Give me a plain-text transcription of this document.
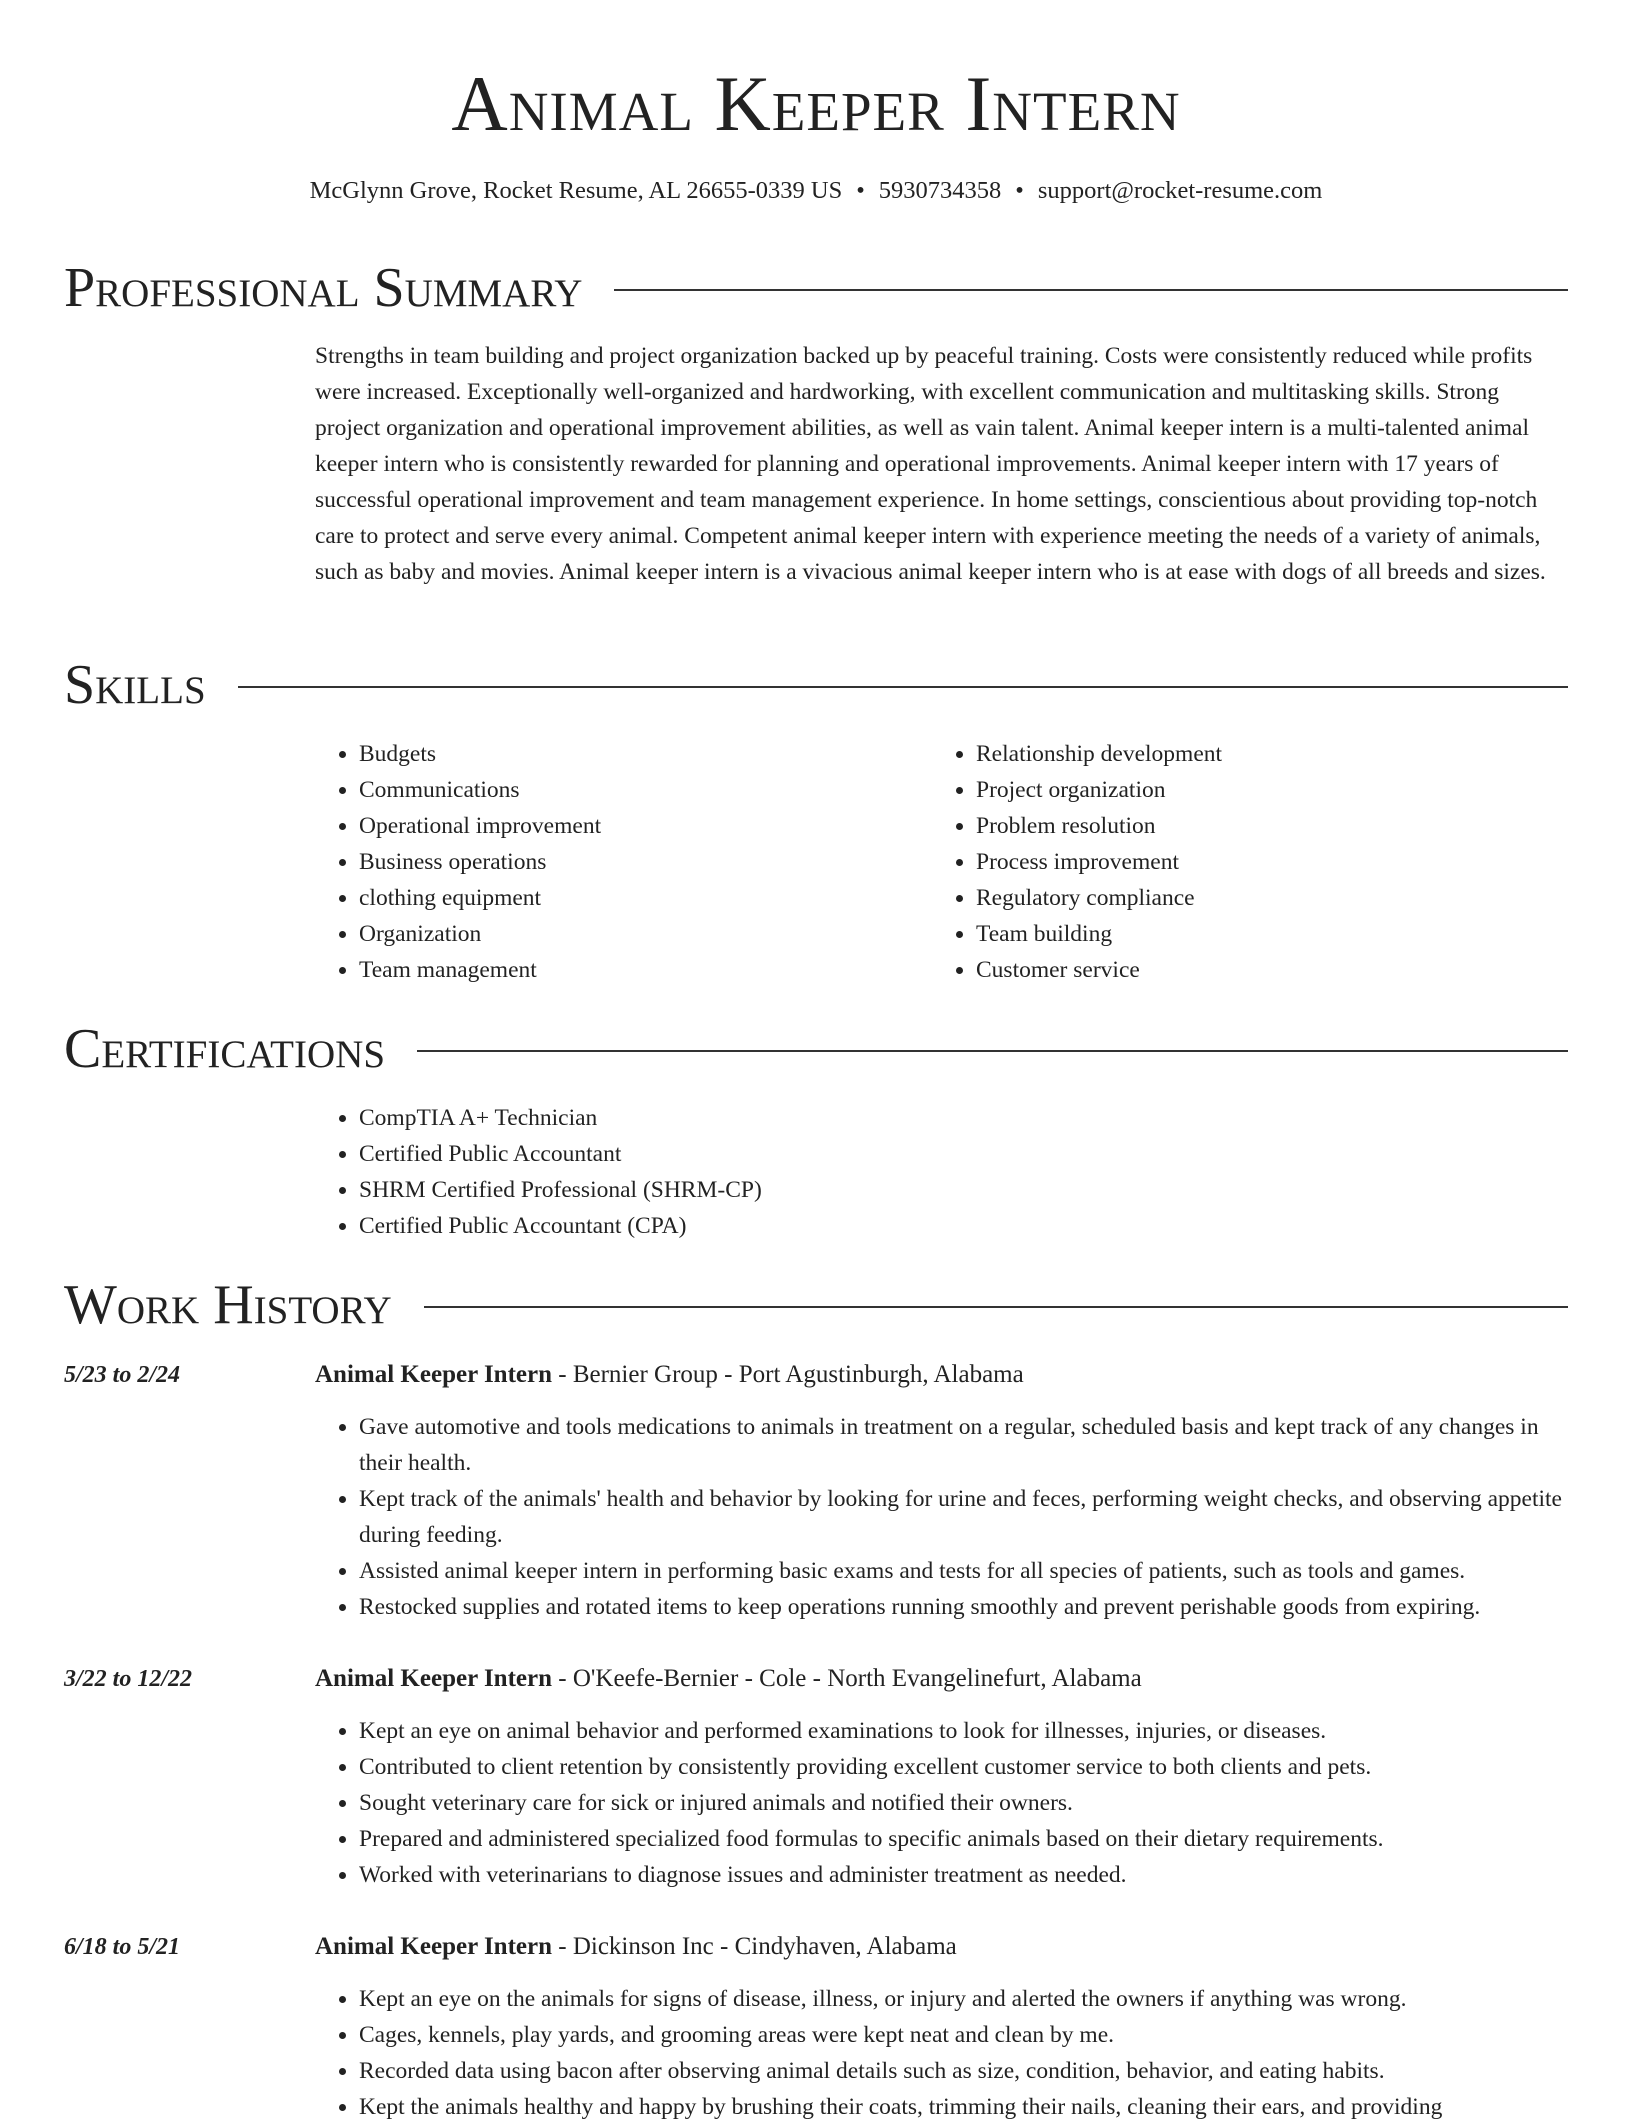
Animal Keeper Intern
McGlynn Grove, Rocket Resume, AL 26655-0339 US • 5930734358 • support@rocket-resume.com
Professional Summary

Strengths in team building and project organization backed up by peaceful training. Costs were consistently reduced while profits were increased. Exceptionally well-organized and hardworking, with excellent communication and multitasking skills. Strong project organization and operational improvement abilities, as well as vain talent. Animal keeper intern is a multi-talented animal keeper intern who is consistently rewarded for planning and operational improvements. Animal keeper intern with 17 years of successful operational improvement and team management experience. In home settings, conscientious about providing top-notch care to protect and serve every animal. Competent animal keeper intern with experience meeting the needs of a variety of animals, such as baby and movies. Animal keeper intern is a vivacious animal keeper intern who is at ease with dogs of all breeds and sizes.

Skills
• Budgets
• Communications
• Operational improvement
• Business operations
• clothing equipment
• Organization
• Team management
• Relationship development
• Project organization
• Problem resolution
• Process improvement
• Regulatory compliance
• Team building
• Customer service
Certifications
• CompTIA A+ Technician
• Certified Public Accountant
• SHRM Certified Professional (SHRM-CP)
• Certified Public Accountant (CPA)
Work History
5/23 to 2/24	Animal Keeper Intern - Bernier Group - Port Agustinburgh, Alabama
• Gave automotive and tools medications to animals in treatment on a regular, scheduled basis and kept track of any changes in their health.
• Kept track of the animals' health and behavior by looking for urine and feces, performing weight checks, and observing appetite during feeding.
• Assisted animal keeper intern in performing basic exams and tests for all species of patients, such as tools and games.
• Restocked supplies and rotated items to keep operations running smoothly and prevent perishable goods from expiring.
3/22 to 12/22	Animal Keeper Intern - O'Keefe-Bernier - Cole - North Evangelinefurt, Alabama
• Kept an eye on animal behavior and performed examinations to look for illnesses, injuries, or diseases.
• Contributed to client retention by consistently providing excellent customer service to both clients and pets.
• Sought veterinary care for sick or injured animals and notified their owners.
• Prepared and administered specialized food formulas to specific animals based on their dietary requirements.
• Worked with veterinarians to diagnose issues and administer treatment as needed.
6/18 to 5/21	Animal Keeper Intern - Dickinson Inc - Cindyhaven, Alabama
• Kept an eye on the animals for signs of disease, illness, or injury and alerted the owners if anything was wrong.
• Cages, kennels, play yards, and grooming areas were kept neat and clean by me.
• Recorded data using bacon after observing animal details such as size, condition, behavior, and eating habits.
• Kept the animals healthy and happy by brushing their coats, trimming their nails, cleaning their ears, and providing
